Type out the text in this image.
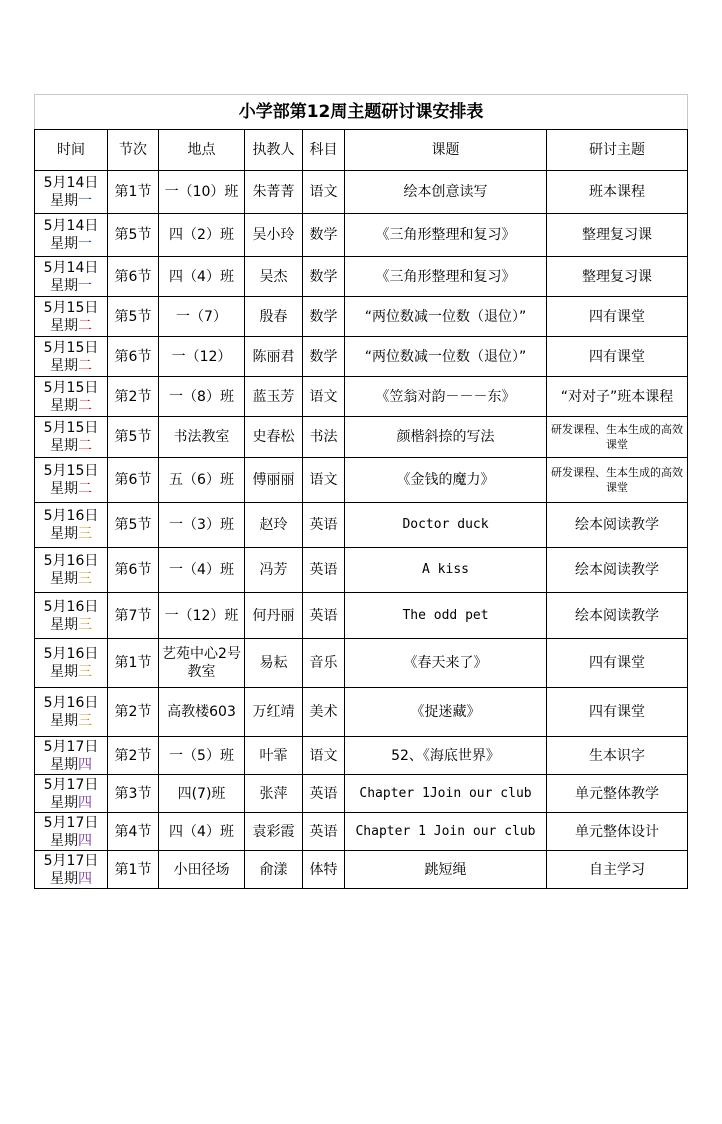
小学部第12周主题研讨课安排表						
时间	节次	地点	执教人	科目	课题	研讨主题

5月14日
星期一	第1节	一（10）班	朱菁菁	语文	绘本创意读写	班本课程

5月14日
星期一	第5节	四（2）班	吴小玲	数学	《三角形整理和复习》	整理复习课

5月14日
星期一	第6节	四（4）班	吴杰	数学	《三角形整理和复习》	整理复习课

5月15日
星期二	第5节	一（7）	殷春	数学	“两位数减一位数（退位）”	四有课堂

5月15日
星期二	第6节	一（12）	陈丽君	数学	“两位数减一位数（退位）”	四有课堂

5月15日
星期二	第2节	一（8）班	蓝玉芳	语文	《笠翁对韵－－－东》	“对对子”班本课程

5月15日
星期二	第5节	书法教室	史春松	书法	颜楷斜捺的写法	研发课程、生本生成的高效课堂

5月15日
星期二	第6节	五（6）班	傅丽丽	语文	《金钱的魔力》	研发课程、生本生成的高效课堂

5月16日
星期三	第5节	一（3）班	赵玲	英语	Doctor duck	绘本阅读教学

5月16日
星期三	第6节	一（4）班	冯芳	英语	A kiss	绘本阅读教学

5月16日
星期三	第7节	一（12）班	何丹丽	英语	The odd pet	绘本阅读教学

5月16日
星期三	第1节	艺苑中心2号教室	易耘	音乐	《春天来了》	四有课堂

5月16日
星期三	第2节	高教楼603	万红靖	美术	《捉迷藏》	四有课堂

5月17日
星期四	第2节	一（5）班	叶霏	语文	52、《海底世界》	生本识字

5月17日
星期四	第3节	四(7)班	张萍	英语	Chapter 1Join our club	单元整体教学

5月17日
星期四	第4节	四（4）班	袁彩霞	英语	Chapter 1 Join our club	单元整体设计

5月17日
星期四	第1节	小田径场	俞漾	体特	跳短绳	自主学习
